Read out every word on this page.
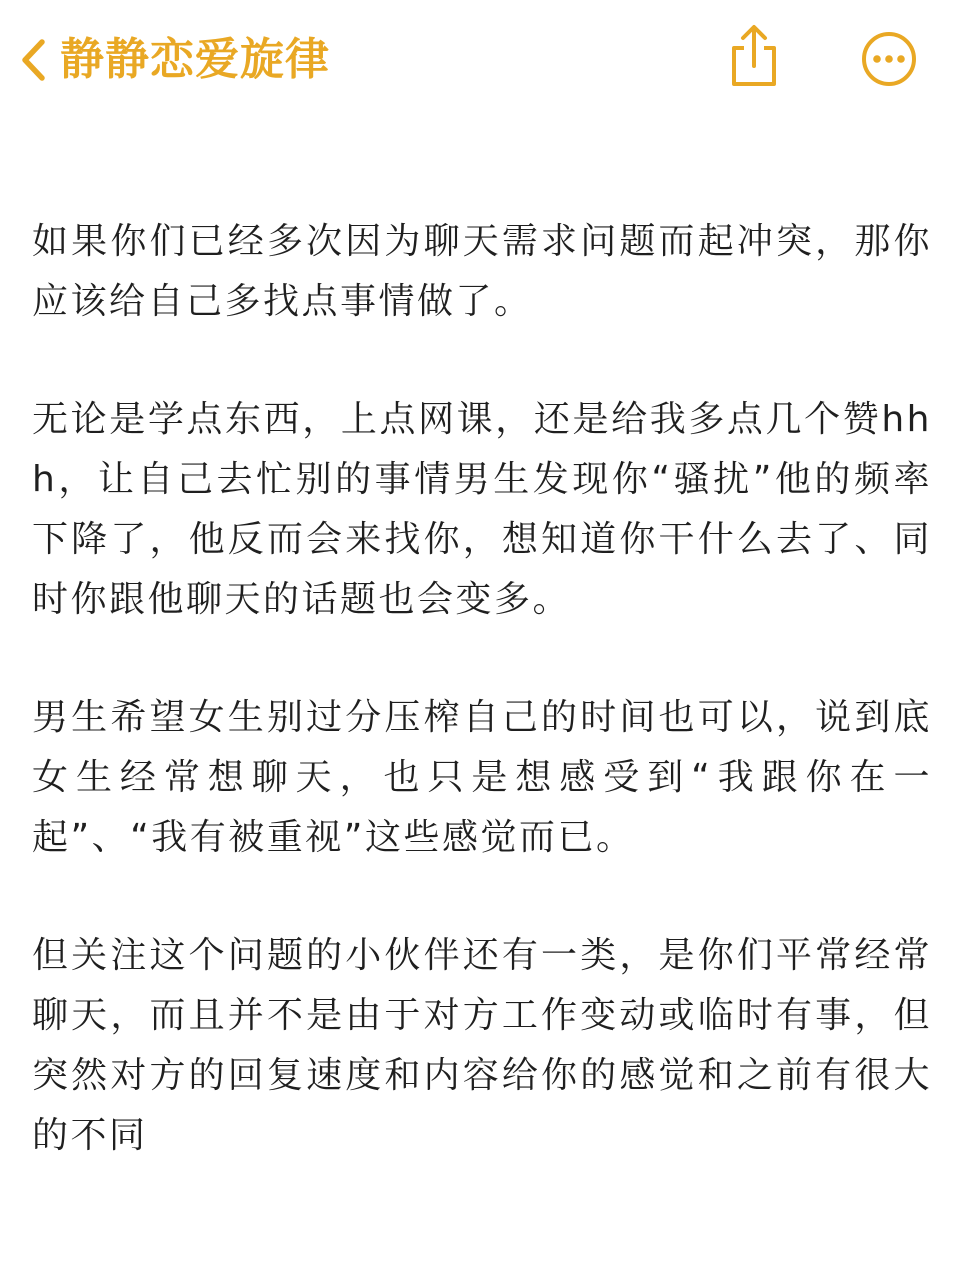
静静恋爱旋律

如果你们已经多次因为聊天需求问题而起冲突，那你应该给自己多找点事情做了。

无论是学点东西，上点网课，还是给我多点几个赞hhh，让自己去忙别的事情男生发现你“骚扰”他的频率下降了，他反而会来找你，想知道你干什么去了、同时你跟他聊天的话题也会变多。

男生希望女生别过分压榨自己的时间也可以，说到底女生经常想聊天，也只是想感受到“我跟你在一起”、“我有被重视”这些感觉而已。

但关注这个问题的小伙伴还有一类，是你们平常经常聊天，而且并不是由于对方工作变动或临时有事，但突然对方的回复速度和内容给你的感觉和之前有很大的不同
